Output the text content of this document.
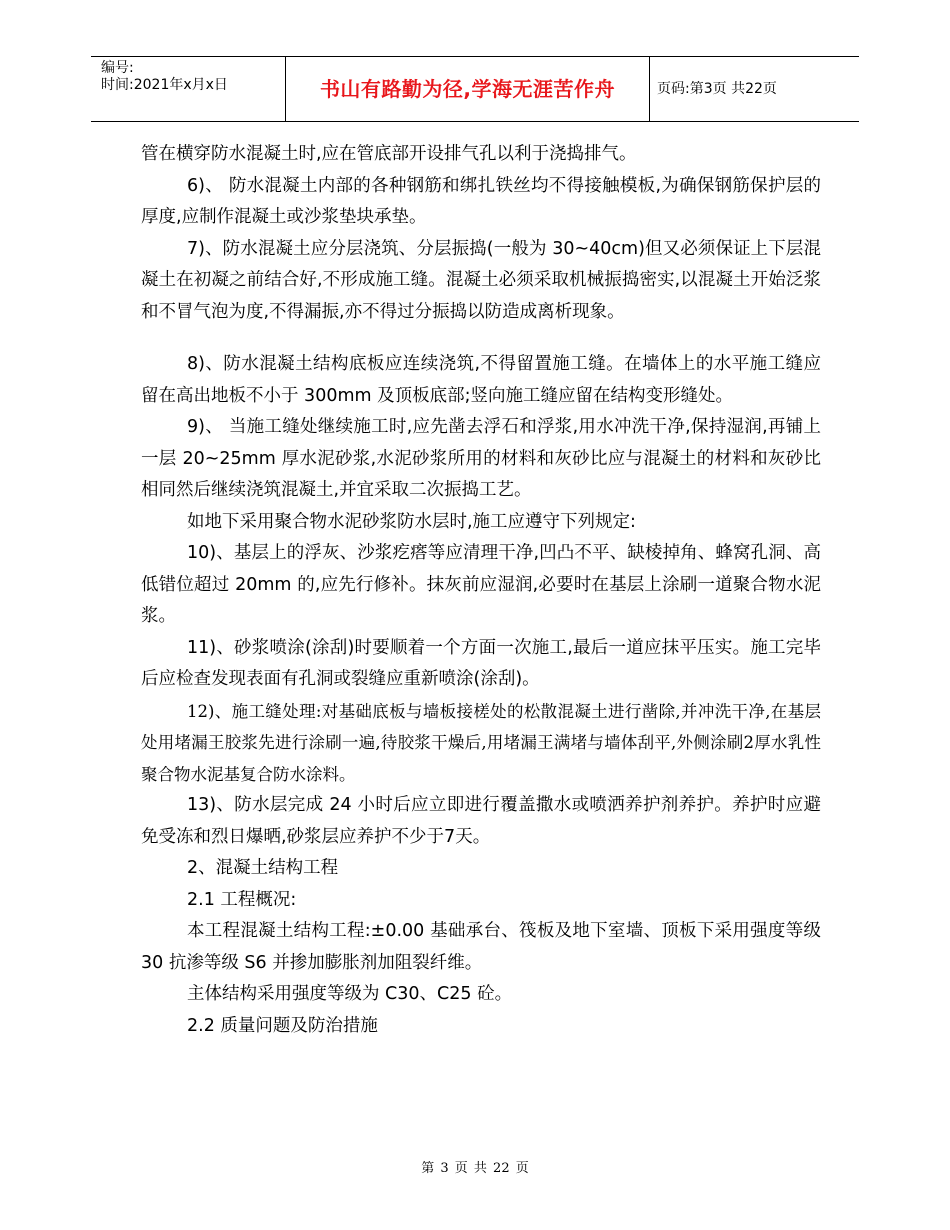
编号:
时间:2021年x月x日	书山有路勤为径,学海无涯苦作舟	页码:第3页 共22页

管在横穿防水混凝土时,应在管底部开设排气孔以利于浇捣排气。

6)、 防水混凝土内部的各种钢筋和绑扎铁丝均不得接触模板,为确保钢筋保护层的厚度,应制作混凝土或沙浆垫块承垫。

7)、防水混凝土应分层浇筑、分层振捣(一般为 30~40cm)但又必须保证上下层混凝土在初凝之前结合好,不形成施工缝。混凝土必须采取机械振捣密实,以混凝土开始泛浆和不冒气泡为度,不得漏振,亦不得过分振捣以防造成离析现象。

8)、防水混凝土结构底板应连续浇筑,不得留置施工缝。在墙体上的水平施工缝应留在高出地板不小于 300mm 及顶板底部;竖向施工缝应留在结构变形缝处。

9)、 当施工缝处继续施工时,应先凿去浮石和浮浆,用水冲洗干净,保持湿润,再铺上一层 20~25mm 厚水泥砂浆,水泥砂浆所用的材料和灰砂比应与混凝土的材料和灰砂比相同然后继续浇筑混凝土,并宜采取二次振捣工艺。

如地下采用聚合物水泥砂浆防水层时,施工应遵守下列规定:

10)、基层上的浮灰、沙浆疙瘩等应清理干净,凹凸不平、缺棱掉角、蜂窝孔洞、高低错位超过 20mm 的,应先行修补。抹灰前应湿润,必要时在基层上涂刷一道聚合物水泥浆。

11)、砂浆喷涂(涂刮)时要顺着一个方面一次施工,最后一道应抹平压实。施工完毕后应检查发现表面有孔洞或裂缝应重新喷涂(涂刮)。

12)、施工缝处理:对基础底板与墙板接槎处的松散混凝土进行凿除,并冲洗干净,在基层处用堵漏王胶浆先进行涂刷一遍,待胶浆干燥后,用堵漏王满堵与墙体刮平,外侧涂刷2厚水乳性聚合物水泥基复合防水涂料。

13)、防水层完成 24 小时后应立即进行覆盖撒水或喷洒养护剂养护。养护时应避免受冻和烈日爆晒,砂浆层应养护不少于7天。

2、混凝土结构工程

2.1 工程概况:

本工程混凝土结构工程:±0.00 基础承台、筏板及地下室墙、顶板下采用强度等级 30 抗渗等级 S6 并掺加膨胀剂加阻裂纤维。

主体结构采用强度等级为 C30、C25 砼。

2.2 质量问题及防治措施

第 3 页 共 22 页
